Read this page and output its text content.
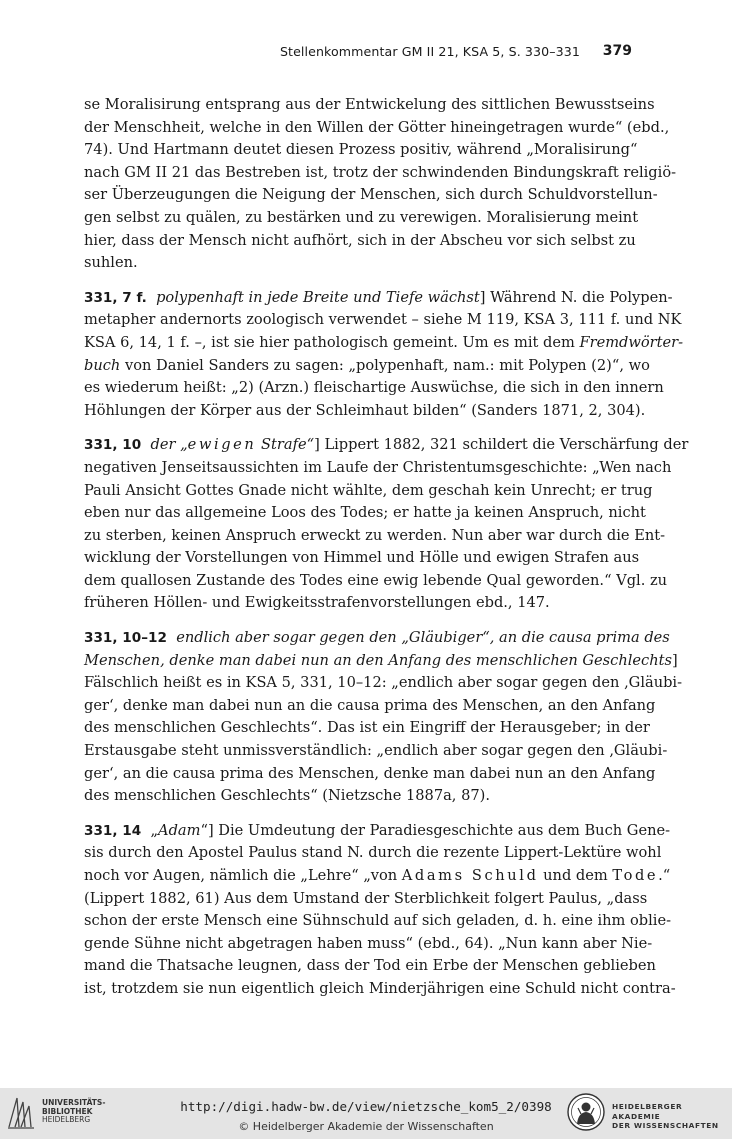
Stellenkommentar GM II 21, KSA 5, S. 330–331 379
se Moralisirung entsprang aus der Entwickelung des sittlichen Bewusstseins
der Menschheit, welche in den Willen der Götter hineingetragen wurde“ (ebd.,
74). Und Hartmann deutet diesen Prozess positiv, während „Moralisirung“
nach GM II 21 das Bestreben ist, trotz der schwindenden Bindungskraft religiö-
ser Überzeugungen die Neigung der Menschen, sich durch Schuldvorstellun-
gen selbst zu quälen, zu bestärken und zu verewigen. Moralisierung meint
hier, dass der Mensch nicht aufhört, sich in der Abscheu vor sich selbst zu
suhlen.
331, 7 f. polypenhaft in jede Breite und Tiefe wächst] Während N. die Polypen-
metapher andernorts zoologisch verwendet – siehe M 119, KSA 3, 111 f. und NK
KSA 6, 14, 1 f. –, ist sie hier pathologisch gemeint. Um es mit dem Fremdwörter-
buch von Daniel Sanders zu sagen: „polypenhaft, nam.: mit Polypen (2)“, wo
es wiederum heißt: „2) (Arzn.) fleischartige Auswüchse, die sich in den innern
Höhlungen der Körper aus der Schleimhaut bilden“ (Sanders 1871, 2, 304).
331, 10 der „ewigen Strafe“] Lippert 1882, 321 schildert die Verschärfung der
negativen Jenseitsaussichten im Laufe der Christentumsgeschichte: „Wen nach
Pauli Ansicht Gottes Gnade nicht wählte, dem geschah kein Unrecht; er trug
eben nur das allgemeine Loos des Todes; er hatte ja keinen Anspruch, nicht
zu sterben, keinen Anspruch erweckt zu werden. Nun aber war durch die Ent-
wicklung der Vorstellungen von Himmel und Hölle und ewigen Strafen aus
dem quallosen Zustande des Todes eine ewig lebende Qual geworden.“ Vgl. zu
früheren Höllen- und Ewigkeitsstrafenvorstellungen ebd., 147.
331, 10–12 endlich aber sogar gegen den „Gläubiger“, an die causa prima des
Menschen, denke man dabei nun an den Anfang des menschlichen Geschlechts]
Fälschlich heißt es in KSA 5, 331, 10–12: „endlich aber sogar gegen den ‚Gläubi-
ger‘, denke man dabei nun an die causa prima des Menschen, an den Anfang
des menschlichen Geschlechts“. Das ist ein Eingriff der Herausgeber; in der
Erstausgabe steht unmissverständlich: „endlich aber sogar gegen den ‚Gläubi-
ger‘, an die causa prima des Menschen, denke man dabei nun an den Anfang
des menschlichen Geschlechts“ (Nietzsche 1887a, 87).
331, 14 „Adam“] Die Umdeutung der Paradiesgeschichte aus dem Buch Gene-
sis durch den Apostel Paulus stand N. durch die rezente Lippert-Lektüre wohl
noch vor Augen, nämlich die „Lehre“ „von Adams Schuld und dem Tode.“
(Lippert 1882, 61) Aus dem Umstand der Sterblichkeit folgert Paulus, „dass
schon der erste Mensch eine Sühnschuld auf sich geladen, d. h. eine ihm oblie-
gende Sühne nicht abgetragen haben muss“ (ebd., 64). „Nun kann aber Nie-
mand die Thatsache leugnen, dass der Tod ein Erbe der Menschen geblieben
ist, trotzdem sie nun eigentlich gleich Minderjährigen eine Schuld nicht contra-
UNIVERSITÄTS-
BIBLIOTHEK
HEIDELBERG
http://digi.hadw-bw.de/view/nietzsche_kom5_2/0398
© Heidelberger Akademie der Wissenschaften
HEIDELBERGER AKADEMIE
DER WISSENSCHAFTEN
